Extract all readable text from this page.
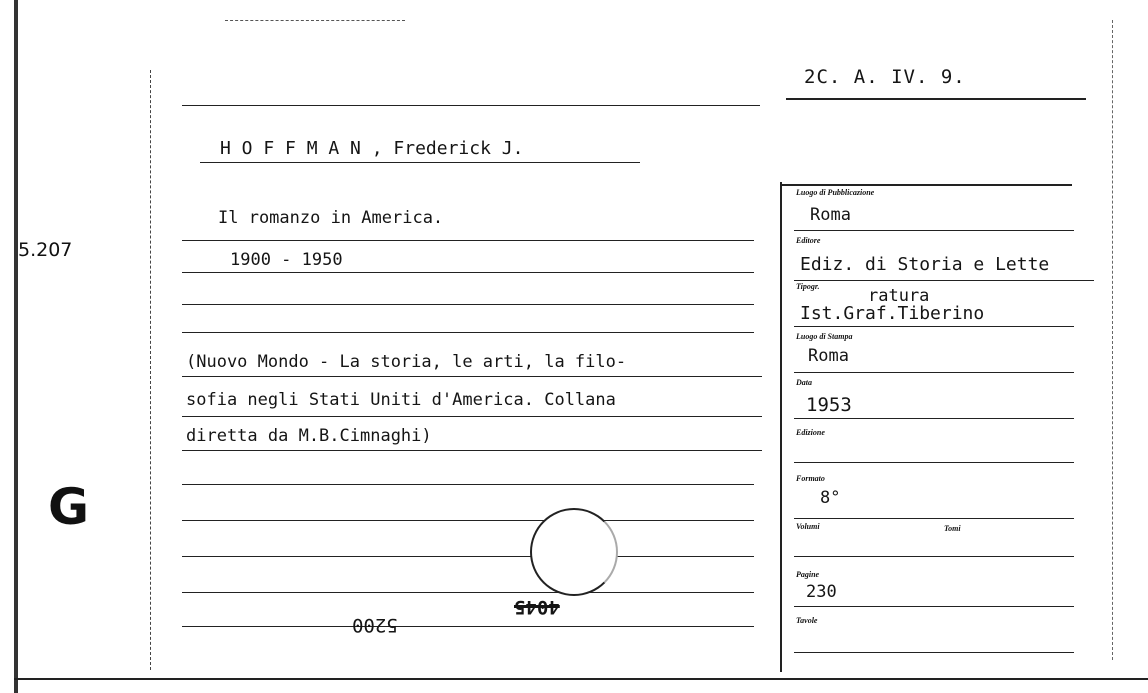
5.207
G
2C. A. IV. 9.
H O F F M A N , Frederick J.
Il romanzo in America.
1900 - 1950
(Nuovo Mondo - La storia, le arti, la filo-
sofia negli Stati Uniti d'America. Collana
diretta da M.B.Cimnaghi)
5200
4045
Luogo di Pubblicazione
Roma
Editore
Ediz. di Storia e Lette
Tipogr.	ratura
Ist.Graf.Tiberino
Luogo di Stampa
Roma
Data
1953
Edizione
Formato
8°
Volumi	Tomi
Pagine
230
Tavole
